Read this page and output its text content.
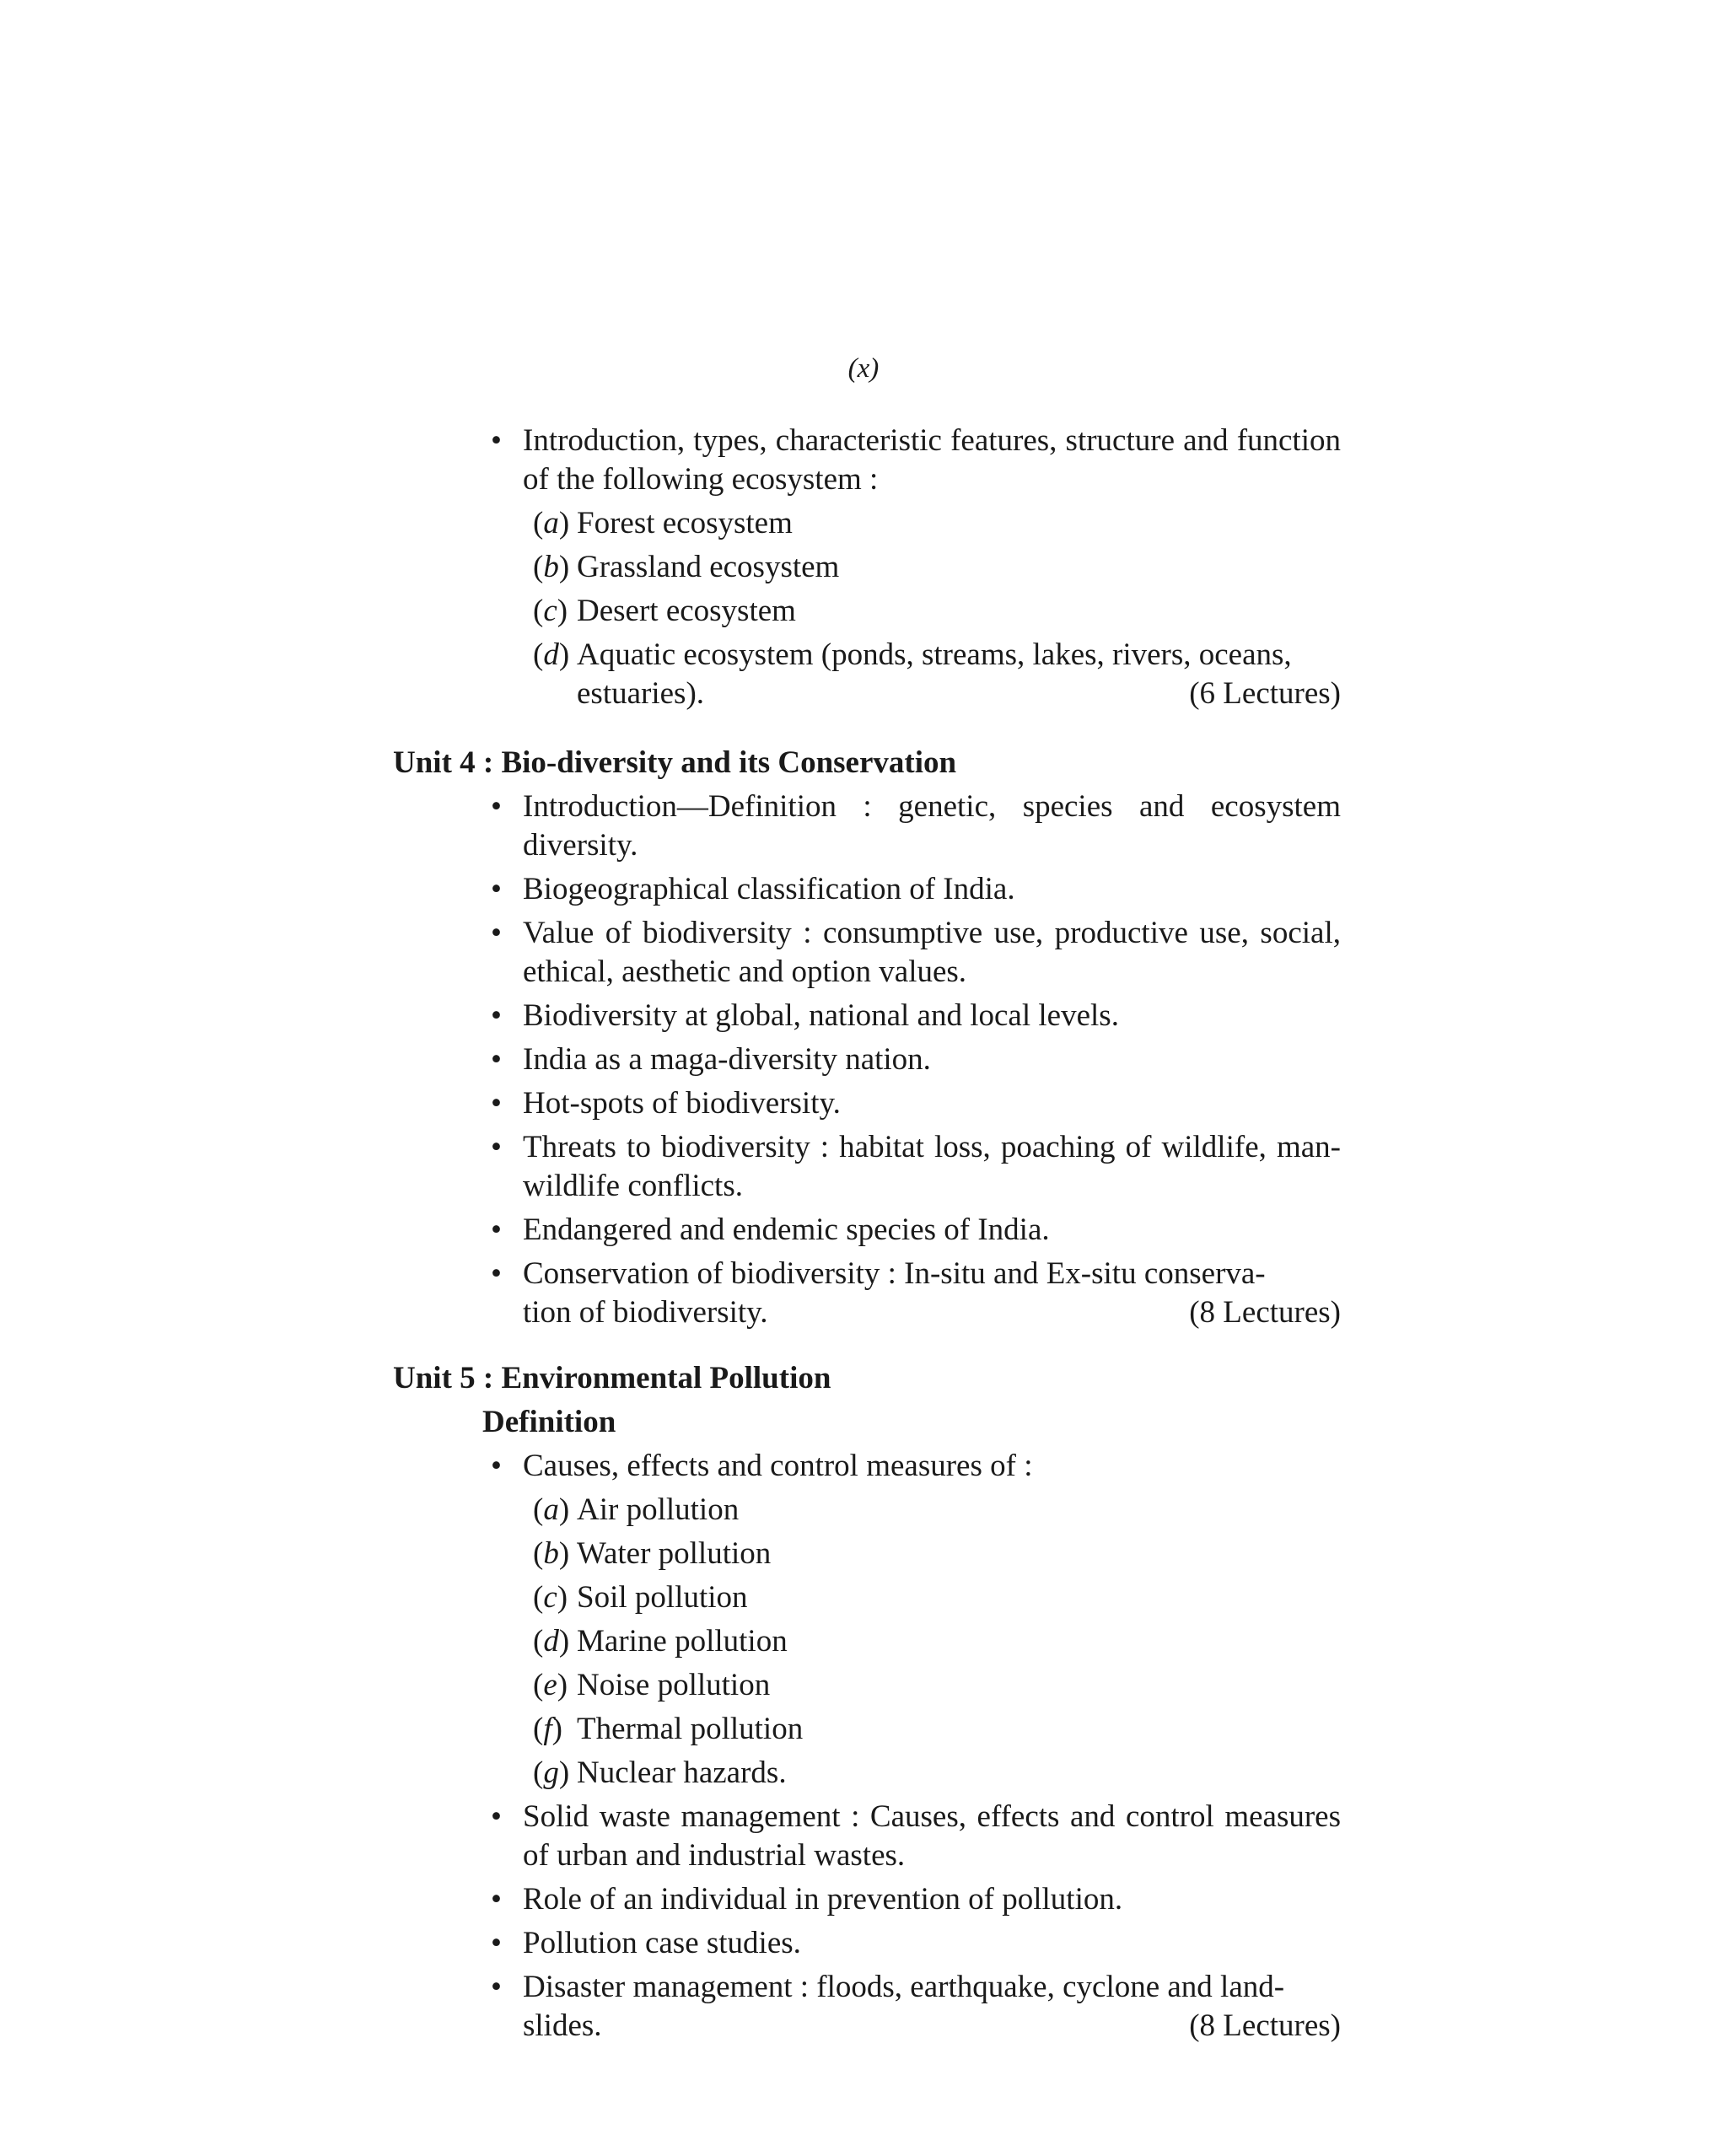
(x)
• Introduction, types, characteristic features, structure and function of the following ecosystem :
(a) Forest ecosystem
(b) Grassland ecosystem
(c) Desert ecosystem
(d) Aquatic ecosystem (ponds, streams, lakes, rivers, oceans,
estuaries).	(6 Lectures)
Unit 4 : Bio-diversity and its Conservation
• Introduction—Definition : genetic, species and ecosystem diversity.
• Biogeographical classification of India.
• Value of biodiversity : consumptive use, productive use, social, ethical, aesthetic and option values.
• Biodiversity at global, national and local levels.
• India as a maga-diversity nation.
• Hot-spots of biodiversity.
• Threats to biodiversity : habitat loss, poaching of wildlife, man-wildlife conflicts.
• Endangered and endemic species of India.
• Conservation of biodiversity : In-situ and Ex-situ conserva-
tion of biodiversity.	(8 Lectures)
Unit 5 : Environmental Pollution
Definition
• Causes, effects and control measures of :
(a) Air pollution
(b) Water pollution
(c) Soil pollution
(d) Marine pollution
(e) Noise pollution
(f) Thermal pollution
(g) Nuclear hazards.
• Solid waste management : Causes, effects and control measures of urban and industrial wastes.
• Role of an individual in prevention of pollution.
• Pollution case studies.
• Disaster management : floods, earthquake, cyclone and land-
slides.	(8 Lectures)
